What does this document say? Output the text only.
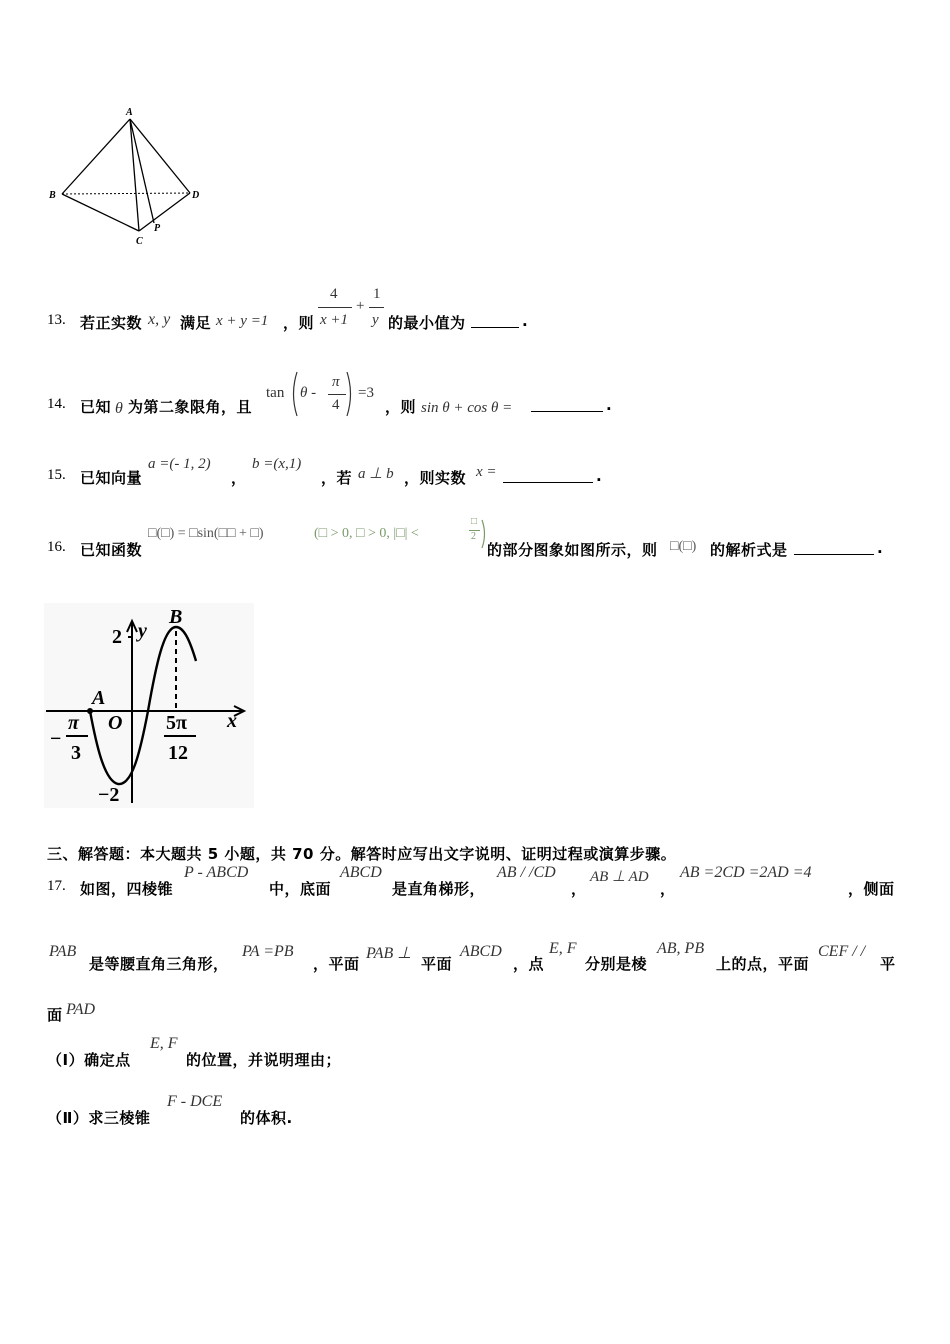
A
B	D
C
P
13. 若正实数 x, y 满足 x + y =1 ，则
4
x +1
+
1
y 的最小值为	.
14. 已知 θ 为第二象限角，且
tan θ -
π
4
=3
，则 sin θ + cos θ =	.
15. 已知向量
a =(- 1, 2)
，
b =(x,1)
，若 a ⊥ b ，则实数 x =	.
16. 已知函数
□(□) = □sin(□□ + □)	(□ > 0, □ > 0, |□| <
□
2
的部分图象如图所示，则 □(□) 的解析式是	.
y
x
2
−2
O
A
B
−
π
3
5π
12
三、解答题：本大题共 5 小题，共 70 分。解答时应写出文字说明、证明过程或演算步骤。
17. 如图，四棱锥
P - ABCD
中，底面
ABCD
是直角梯形，
AB / /CD
，
AB ⊥ AD
，
AB =2CD =2AD =4
，侧面
PAB
是等腰直角三角形，
PA =PB
，平面
PAB ⊥
平面
ABCD
，点
E, F
分别是棱
AB, PB
上的点，平面
CEF / /
平
面 PAD
（Ⅰ）确定点
E, F
的位置，并说明理由；
（Ⅱ）求三棱锥
F - DCE
的体积.
